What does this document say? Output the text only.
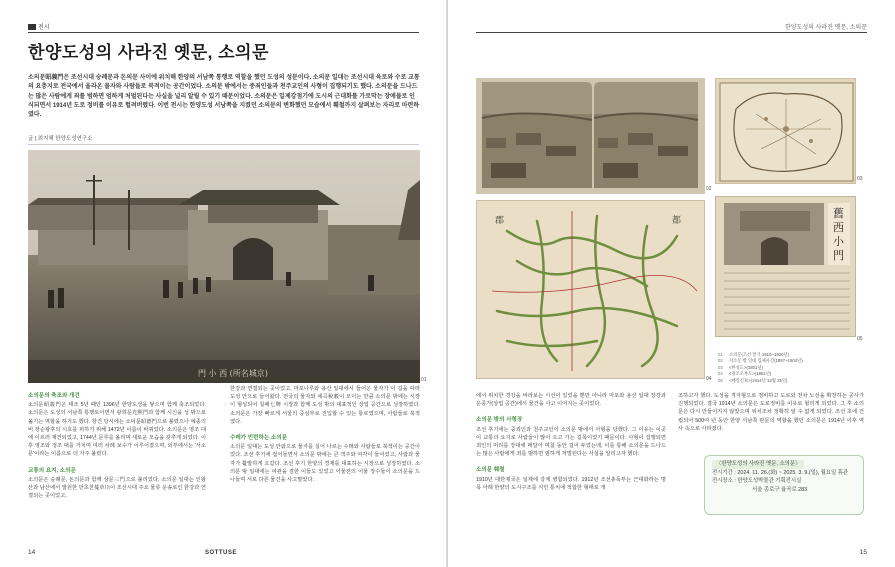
전시
한양도성의 사라진 옛문, 소의문
소의문昭義門은 조선시대 숭례문과 돈의문 사이에 위치해 한양의 서남쪽 통행로 역할을 했던 도성의 성문이다. 소의문 일대는 조선시대 육로와 수로 교통의 요충지로 전국에서 올라온 물자와 사람들로 북적이는 공간이었다. 소의문 밖에서는 중죄인들과 천주교인의 사형이 집행되기도 했다. 소의문을 드나드는 많은 사람에게 죄를 범하면 엄하게 처벌된다는 사실을 널리 알릴 수 있기 때문이었다. 소의문은 일제강점기에 도시의 근대화를 가로막는 장애물로 인식되면서 1914년 도로 정비를 이유로 헐려버렸다. 이번 전시는 한양도성 서남쪽을 지켰던 소의문의 변화했던 모습에서 훼철까지 살펴보는 자리로 마련하였다.
글 | 최지혜 한양도성연구소
門 小 西 (所名城京)
01
소의문의 축조와 개건
소의문昭義門은 태조 5년 때인 1396년 한양도성을 쌓으며 함께 축조되었다. 소의문은 도성의 서남쪽 통행로이면서 광희문光熙門과 함께 시신을 성 밖으로 옮기는 역할을 하기도 했다. 창건 당시에는 소덕문昭德門으로 불렸으나 예종의 비 장순왕후의 시호를 피하기 위해 1472년 이름이 바뀌었다. 소의문은 영조 대에 이르러 재건되었고, 1744년 문루를 올리며 새로운 모습을 갖추게 되었다. 이후 영조와 정조 대를 거치며 여러 차례 보수가 이루어졌으며, 외부에서는 '서소문'이라는 이름으로 더 자주 불렸다.
교통의 요지, 소의문
소의문은 숭례문, 돈의문과 함께 삼문三門으로 불리었다. 소의문 일대는 인왕산과 남산에서 발원한 만초천蔓草川이 조선시대 주요 물류 운송로인 한강과 연결되는 곳이었고,
한강과 연결되는 곳이었고, 마포나루와 용산 일대에서 들어온 물자가 이 길을 따라 도성 안으로 들어왔다. 전국의 물자와 세곡稅穀이 모이는 만큼 소의문 밖에는 시장이 형성되어 칠패七牌 시장과 함께 도성 밖의 대표적인 상업 공간으로 성장하였다. 소의문은 가장 빠르게 서울의 중심부로 진입할 수 있는 통로였으며, 사람들로 북적였다.
수레가 빈번하는 소의문
소의문 일대는 도성 안팎으로 물자를 실어 나르는 수레와 사람들로 북적이는 공간이었다. 조선 후기에 접어들면서 소의문 밖에는 큰 객주와 여각이 들어섰고, 사람과 물자가 활발하게 오갔다. 조선 후기 한양의 경제를 대표하는 시장으로 성장하였다. 소의문 밖 일대에는 여관을 겸한 이들도 있었고 어물전의 어물 장수들이 소의문을 드나들며 서로 다른 물건을 사고팔았다.
14	SOTTUSE
한양도성의 사라진 옛문, 소의문
02
03
郡	都
04
舊
西
小
門
05
01 소의문(조선 말기 1910~1920년)
02 서소문 밖 일대 입체사진(1897~1904년)
03 <한성도>(1801년)
04 <경조오부도>(1861년)
05 <매일신보>(1914년 12월 25일)
에서 위치한 경강을 바라보는 시선이 있었을 뿐만 아니라 마포와 용산 일대 장강과 운종가(상업 공간)에서 물건을 사고 이어지는 곳이었다.
소의문 밖의 사형장
조선 후기에는 중죄인과 천주교인이 소의문 밖에서 사형을 당했다. 그 이유는 이곳이 교통의 요지로 사람들이 많이 오고 가는 길목이었기 때문이다. 사형이 집행되면 죄인의 머리를 장대에 매달아 며칠 동안 걸어 두었는데, 이를 통해 소의문을 드나드는 많은 사람에게 죄를 범하면 엄하게 처벌된다는 사실을 알리고자 했다.
소의문 훼철
1910년 대한제국은 일제에 강제 병합되었다. 1912년 조선총독부는 근대화라는 명목 아래 한양의 도시구조를 식민 통치에 적합한 형태로 개
조하고자 했다. 도성을 격자형으로 정비하고 도로와 전차 노선을 확장하는 공사가 진행되었다. 결국 1914년 소의문은 도로정비를 이유로 헐리게 되었다. 그 후 소의문은 다시 만들어지지 않았으며 위치조차 정확히 알 수 없게 되었다. 조선 초에 건립되어 500여 년 동안 한양 서남쪽 관문의 역할을 했던 소의문은 1914년 이후 역사 속으로 사라졌다.
〈한양도성의 사라진 옛문, 소의문〉
전시기간 : 2024. 11. 26.(화) ~ 2025. 3. 9.(일), 월요일 휴관
전시장소 : 한양도성박물관 기획전시실
서울 종로구 율곡로 283
15
